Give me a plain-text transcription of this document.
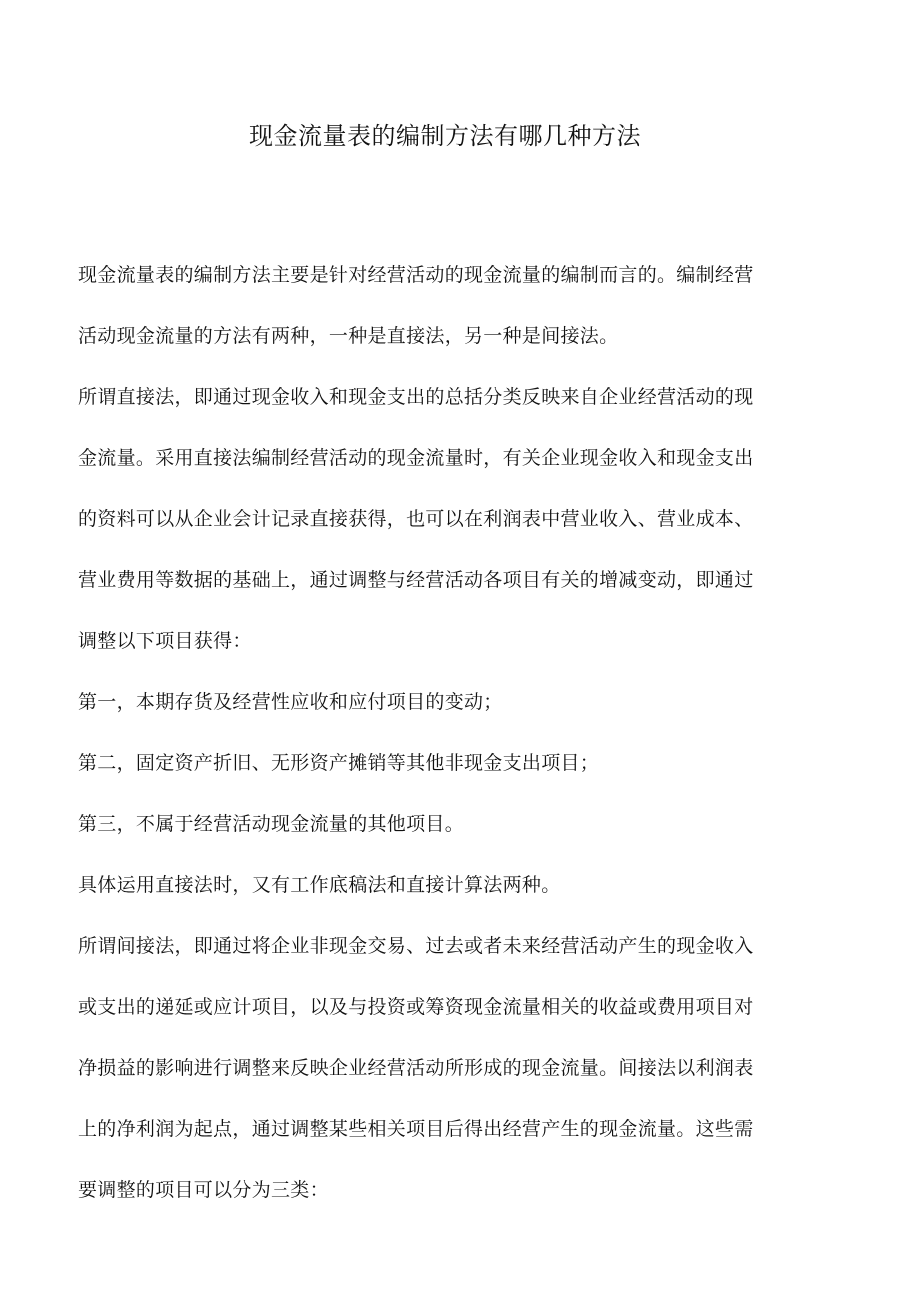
现金流量表的编制方法有哪几种方法
现金流量表的编制方法主要是针对经营活动的现金流量的编制而言的。编制经营
活动现金流量的方法有两种，一种是直接法，另一种是间接法。
所谓直接法，即通过现金收入和现金支出的总括分类反映来自企业经营活动的现
金流量。采用直接法编制经营活动的现金流量时，有关企业现金收入和现金支出
的资料可以从企业会计记录直接获得，也可以在利润表中营业收入、营业成本、
营业费用等数据的基础上，通过调整与经营活动各项目有关的增减变动，即通过
调整以下项目获得：
第一，本期存货及经营性应收和应付项目的变动；
第二，固定资产折旧、无形资产摊销等其他非现金支出项目；
第三，不属于经营活动现金流量的其他项目。
具体运用直接法时，又有工作底稿法和直接计算法两种。
所谓间接法，即通过将企业非现金交易、过去或者未来经营活动产生的现金收入
或支出的递延或应计项目，以及与投资或筹资现金流量相关的收益或费用项目对
净损益的影响进行调整来反映企业经营活动所形成的现金流量。间接法以利润表
上的净利润为起点，通过调整某些相关项目后得出经营产生的现金流量。这些需
要调整的项目可以分为三类：
